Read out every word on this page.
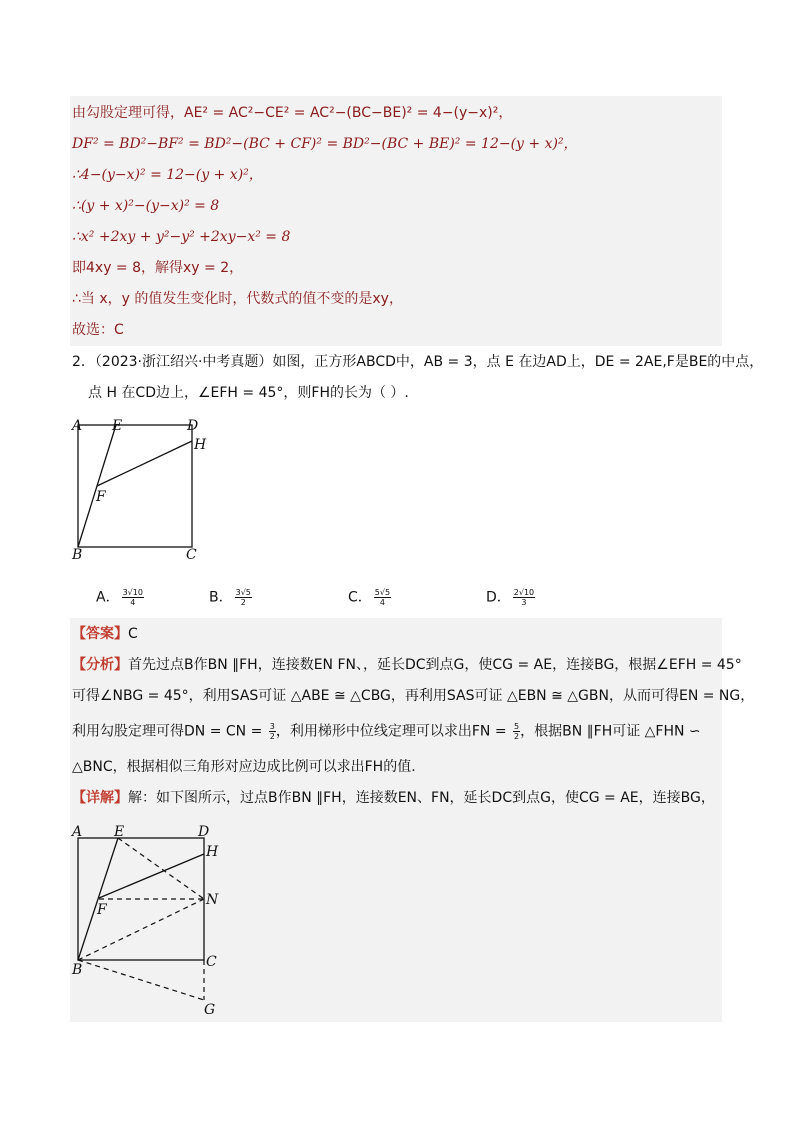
由勾股定理可得，AE² = AC²−CE² = AC²−(BC−BE)² = 4−(y−x)²，
DF² = BD²−BF² = BD²−(BC + CF)² = BD²−(BC + BE)² = 12−(y + x)²，
∴4−(y−x)² = 12−(y + x)²，
∴(y + x)²−(y−x)² = 8
∴x² +2xy + y²−y² +2xy−x² = 8
即4xy = 8，解得xy = 2，
∴当 x，y 的值发生变化时，代数式的值不变的是xy，
故选：C
2．（2023·浙江绍兴·中考真题）如图，正方形ABCD中，AB = 3，点 E 在边AD上，DE = 2AE,F是BE的中点，
点 H 在CD边上，∠EFH = 45°，则FH的长为（ ）.
A E	D
H
F
B	C
A． $\frac{3√10}{4}$	B． $\frac{3√5}{2}$	C． $\frac{5√5}{4}$	D． $\frac{2√10}{3}$
【答案】C
【分析】首先过点B作BN ∥FH，连接数EN FN、，延长DC到点G，使CG = AE，连接BG，根据∠EFH = 45°
可得∠NBG = 45°，利用SAS可证 △ABE ≅ △CBG，再利用SAS可证 △EBN ≅ △GBN，从而可得EN = NG，
利用勾股定理可得DN = CN = $\frac{3}{2}$ ，利用梯形中位线定理可以求出FN = $\frac{5}{2}$ ，根据BN ∥FH可证 △FHN ∽
△BNC，根据相似三角形对应边成比例可以求出FH的值.
【详解】解：如下图所示，过点B作BN ∥FH，连接数EN、FN，延长DC到点G，使CG = AE，连接BG，
A E	D
H
N
F
B	C
G
